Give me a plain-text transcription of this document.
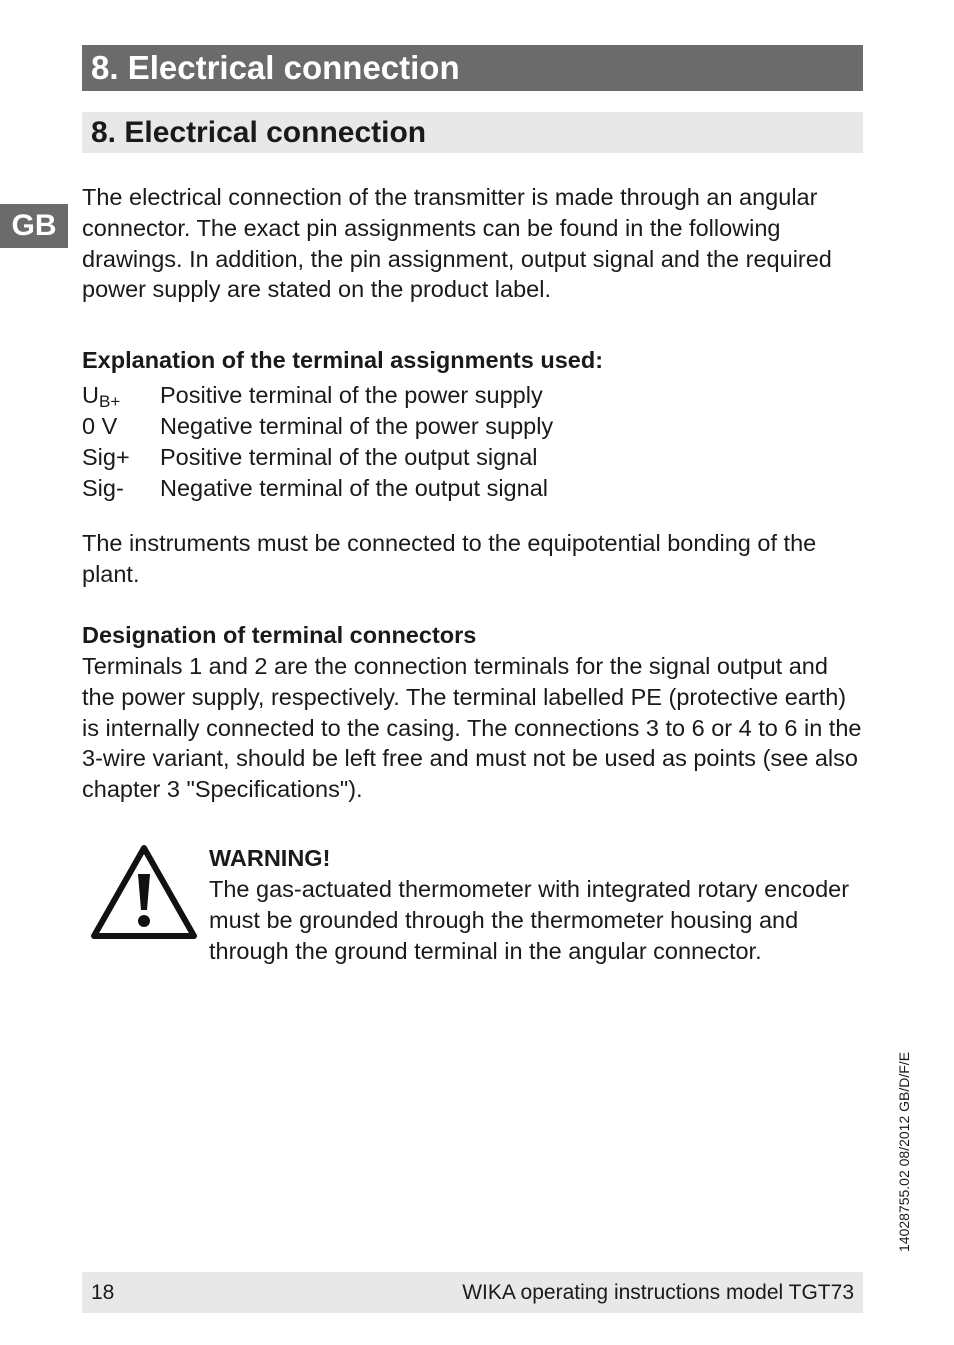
8. Electrical connection
8. Electrical connection
GB

The electrical connection of the transmitter is made through an angular connector. The exact pin assignments can be found in the following drawings. In addition, the pin assignment, output signal and the required power supply are stated on the product label.

Explanation of the terminal assignments used:

$U_{B+}$ Positive terminal of the power supply
0 V Negative terminal of the power supply
Sig+ Positive terminal of the output signal
Sig- Negative terminal of the output signal

The instruments must be connected to the equipotential bonding of the plant.

Designation of terminal connectors

Terminals 1 and 2 are the connection terminals for the signal output and the power supply, respectively. The terminal labelled PE (protective earth) is internally connected to the casing. The connections 3 to 6 or 4 to 6 in the 3-wire variant, should be left free and must not be used as points (see also chapter 3 "Specifications").

WARNING!

The gas-actuated thermometer with integrated rotary encoder must be grounded through the thermometer housing and through the ground terminal in the angular connector.

14028755.02 08/2012 GB/D/F/E
18	WIKA operating instructions model TGT73
